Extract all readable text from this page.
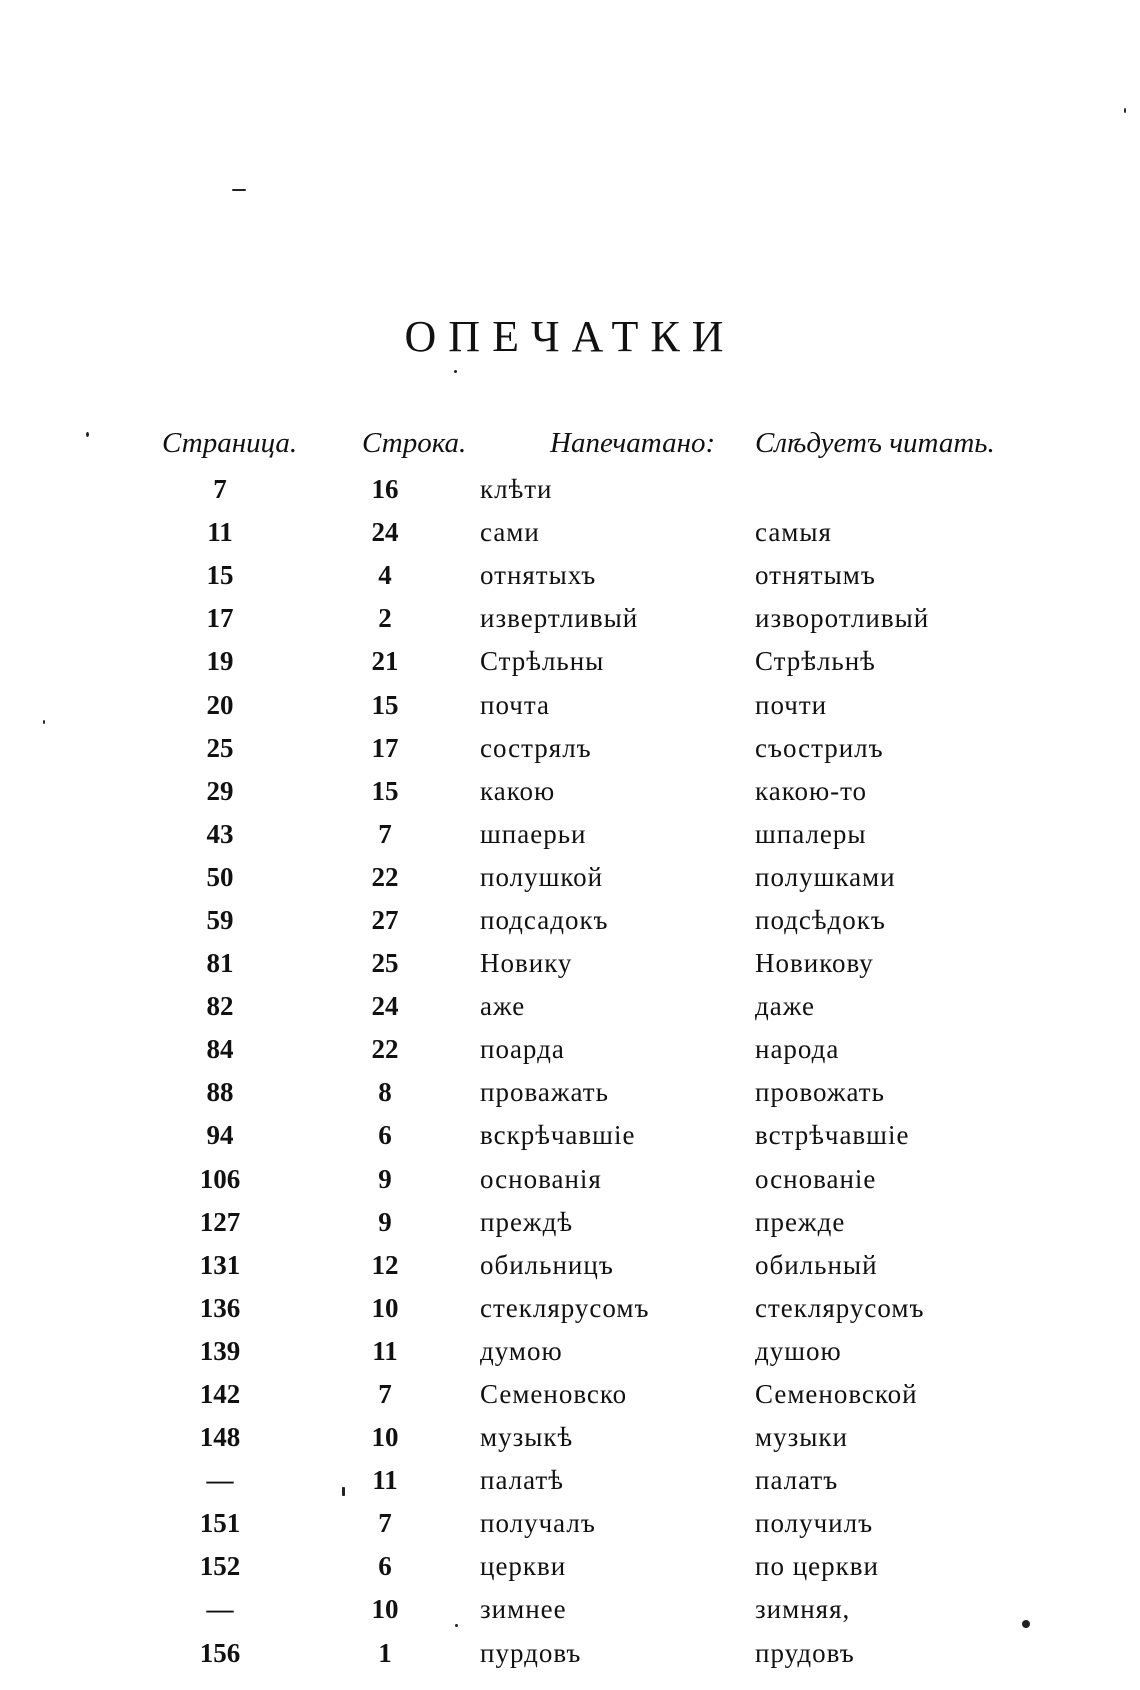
ОПЕЧАТКИ
Страница.	Строка.	Напечатано:	Слѣдуетъ читать.
7	16	клѣти	
11	24	сами	самыя
15	4	отнятыхъ	отнятымъ
17	2	извертливый	изворотливый
19	21	Стрѣльны	Стрѣльнѣ
20	15	почта	почти
25	17	сострялъ	съострилъ
29	15	какою	какою-то
43	7	шпаерьи	шпалеры
50	22	полушкой	полушками
59	27	подсадокъ	подсѣдокъ
81	25	Новику	Новикову
82	24	аже	даже
84	22	поарда	народа
88	8	проважать	провожать
94	6	вскрѣчавшіе	встрѣчавшіе
106	9	основанія	основаніе
127	9	преждѣ	прежде
131	12	обильницъ	обильный
136	10	стеклярусомъ	стеклярусомъ
139	11	думою	душою
142	7	Семеновско	Семеновской
148	10	музыкѣ	музыки
—	11	палатѣ	палатъ
151	7	получалъ	получилъ
152	6	церкви	по церкви
—	10	зимнее	зимняя,
156	1	пурдовъ	прудовъ
